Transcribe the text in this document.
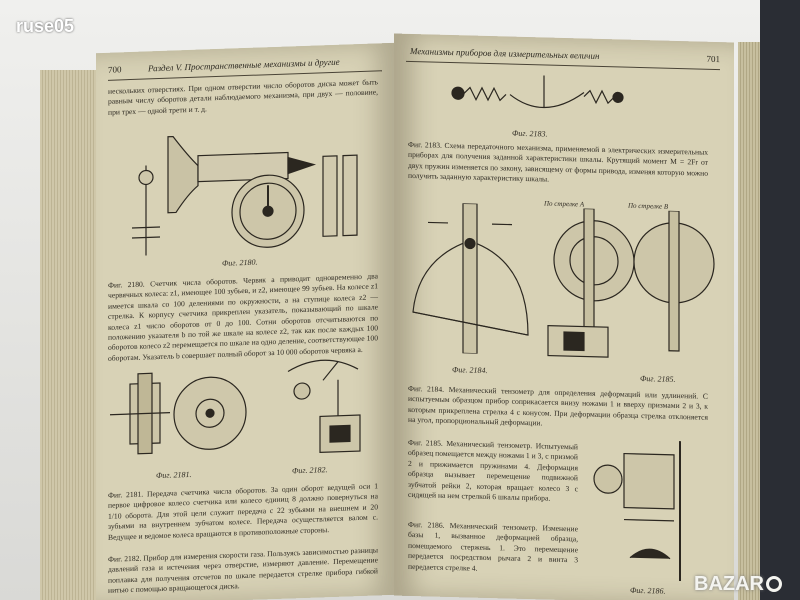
700	Раздел V. Пространственные механизмы и другие
нескольких отверстиях. При одном отверстии число оборотов диска может быть равным числу оборотов детали наблюдаемого механизма, при двух — половине, при трех — одной трети и т. д.
Фиг. 2180.
Фиг. 2180. Счетчик числа оборотов. Червяк a приводит одновременно два червячных колеса: z1, имеющее 100 зубьев, и z2, имеющее 99 зубьев. На колесе z1 имеется шкала со 100 делениями по окружности, а на ступице колеса z2 — стрелка. К корпусу счетчика прикреплен указатель, показывающий по шкале колеса z1 число оборотов от 0 до 100. Сотни оборотов отсчитываются по положению указателя b по той же шкале на колесе z2, так как после каждых 100 оборотов колесо z2 перемещается по шкале на одно деление, соответствующее 100 оборотам. Указатель b совершает полный оборот за 10 000 оборотов червяка a.
Фиг. 2181.	Фиг. 2182.
Фиг. 2181. Передача счетчика числа оборотов. За один оборот ведущей оси 1 первое цифровое колесо счетчика или колесо единиц 8 должно повернуться на 1/10 оборота. Для этой цели служит передача с 22 зубьями на внешнем и 20 зубьями на внутреннем зубчатом колесе. Передача осуществляется валом с. Ведущее и ведомое колеса вращаются в противоположные стороны.
Фиг. 2182. Прибор для измерения скорости газа. Пользуясь зависимостью разницы давлений газа и истечения через отверстие, измеряют давление. Перемещение поплавка для получения отсчетов по шкале передается стрелке прибора гибкой нитью с помощью вращающегося диска.
Механизмы приборов для измерительных величин	701
Фиг. 2183.
Фиг. 2183. Схема передаточного механизма, применяемой в электрических измерительных приборах для получения заданной характеристики шкалы. Крутящий момент M = 2Fr от двух пружин изменяется по закону, зависящему от формы привода, изменяя которую можно получить заданную характеристику шкалы.
По стрелке A	По стрелке B
Фиг. 2184.
Фиг. 2185.
Фиг. 2184. Механический тензометр для определения деформаций или удлинений. С испытуемым образцом прибор соприкасается внизу ножами 1 и вверху призмами 2 и 3, к которым прикреплена стрелка 4 с конусом. При деформации образца стрелка отклоняется на угол, пропорциональный деформации.
Фиг. 2185. Механический тензометр. Испытуемый образец помещается между ножами 1 и 3, с призмой 2 и прижимается пружинами 4. Деформация образца вызывает перемещение подвижной зубчатой рейки 2, которая вращает колесо 3 с сидящей на нем стрелкой 6 шкалы прибора.
Фиг. 2186. Механический тензометр. Изменение базы 1, вызванное деформацией образца, помещаемого стержень 1. Это перемещение передается посредством рычага 2 и винта 3 передается стрелке 4.
Фиг. 2186.
ruse05
BAZAR
